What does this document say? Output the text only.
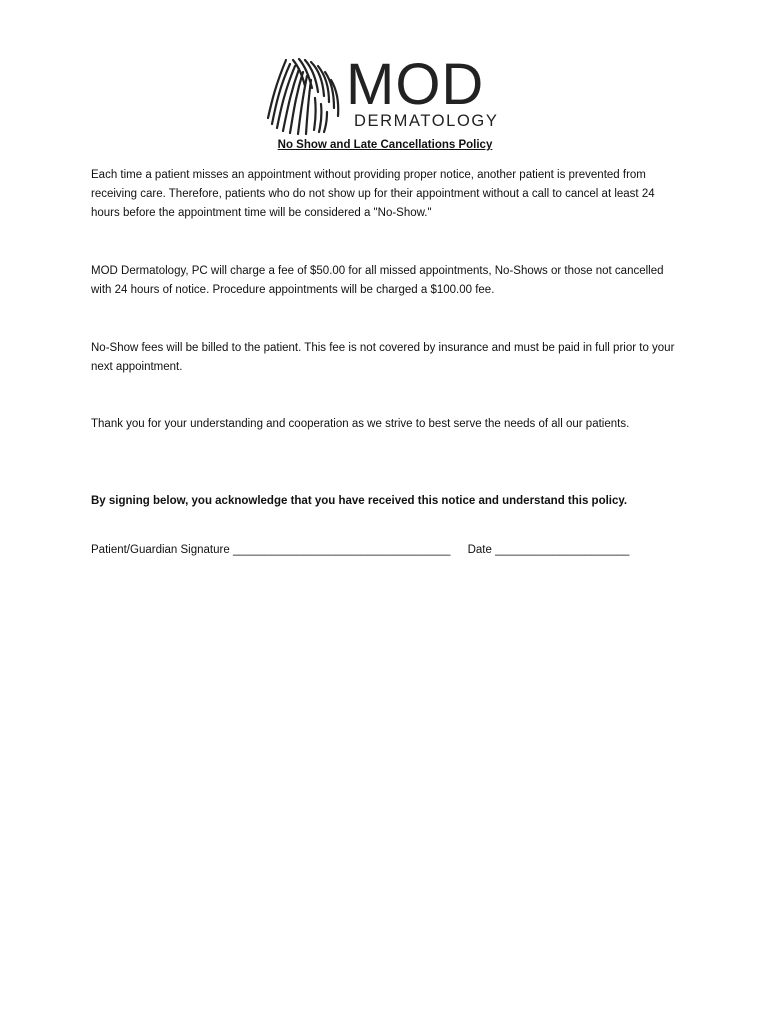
MOD
DERMATOLOGY
No Show and Late Cancellations Policy

Each time a patient misses an appointment without providing proper notice, another patient is prevented from receiving care. Therefore, patients who do not show up for their appointment without a call to cancel at least 24 hours before the appointment time will be considered a "No-Show."

MOD Dermatology, PC will charge a fee of $50.00 for all missed appointments, No-Shows or those not cancelled with 24 hours of notice. Procedure appointments will be charged a $100.00 fee.

No-Show fees will be billed to the patient. This fee is not covered by insurance and must be paid in full prior to your next appointment.

Thank you for your understanding and cooperation as we strive to best serve the needs of all our patients.

By signing below, you acknowledge that you have received this notice and understand this policy.

Patient/Guardian Signature __________________________________ Date _____________________
